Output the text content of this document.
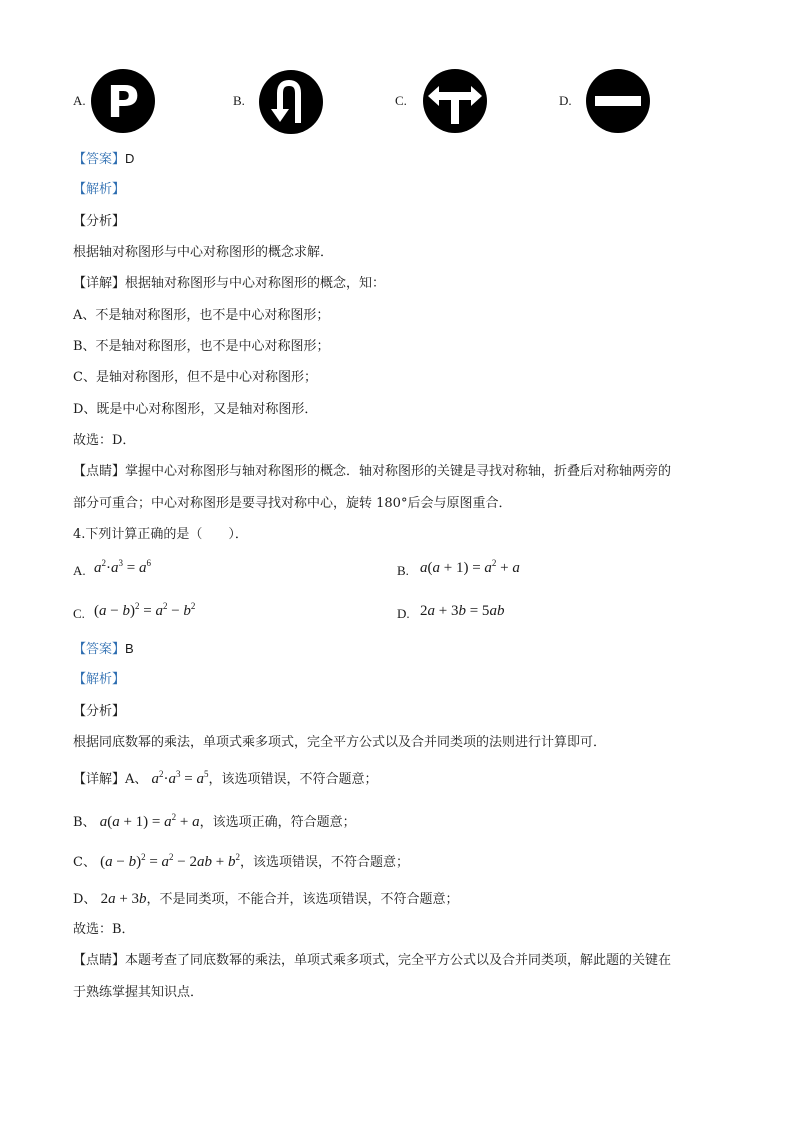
A. P	B.	C.	D.
【答案】D
【解析】
【分析】
根据轴对称图形与中心对称图形的概念求解．
【详解】根据轴对称图形与中心对称图形的概念，知：
A、不是轴对称图形，也不是中心对称图形；
B、不是轴对称图形，也不是中心对称图形；
C、是轴对称图形，但不是中心对称图形；
D、既是中心对称图形，又是轴对称图形．
故选：D．
【点睛】掌握中心对称图形与轴对称图形的概念．轴对称图形的关键是寻找对称轴，折叠后对称轴两旁的
部分可重合；中心对称图形是要寻找对称中心，旋转 180°后会与原图重合．
4.下列计算正确的是（　　）．
A. $a^2\cdot a^3 = a^6$	B. $a(a + 1) = a^2 + a$
C. $(a - b)^2 = a^2 - b^2$	D. 2a + 3b = 5ab
【答案】B
【解析】
【分析】
根据同底数幂的乘法，单项式乘多项式，完全平方公式以及合并同类项的法则进行计算即可．
【详解】A、 $a^2\cdot a^3 = a^5$，该选项错误，不符合题意；
B、 $a(a + 1) = a^2 + a$，该选项正确，符合题意；
C、 $(a - b)^2 = a^2 - 2ab + b^2$，该选项错误，不符合题意；
D、 2a + 3b，不是同类项，不能合并，该选项错误，不符合题意；
故选：B．
【点睛】本题考查了同底数幂的乘法，单项式乘多项式，完全平方公式以及合并同类项，解此题的关键在
于熟练掌握其知识点．
